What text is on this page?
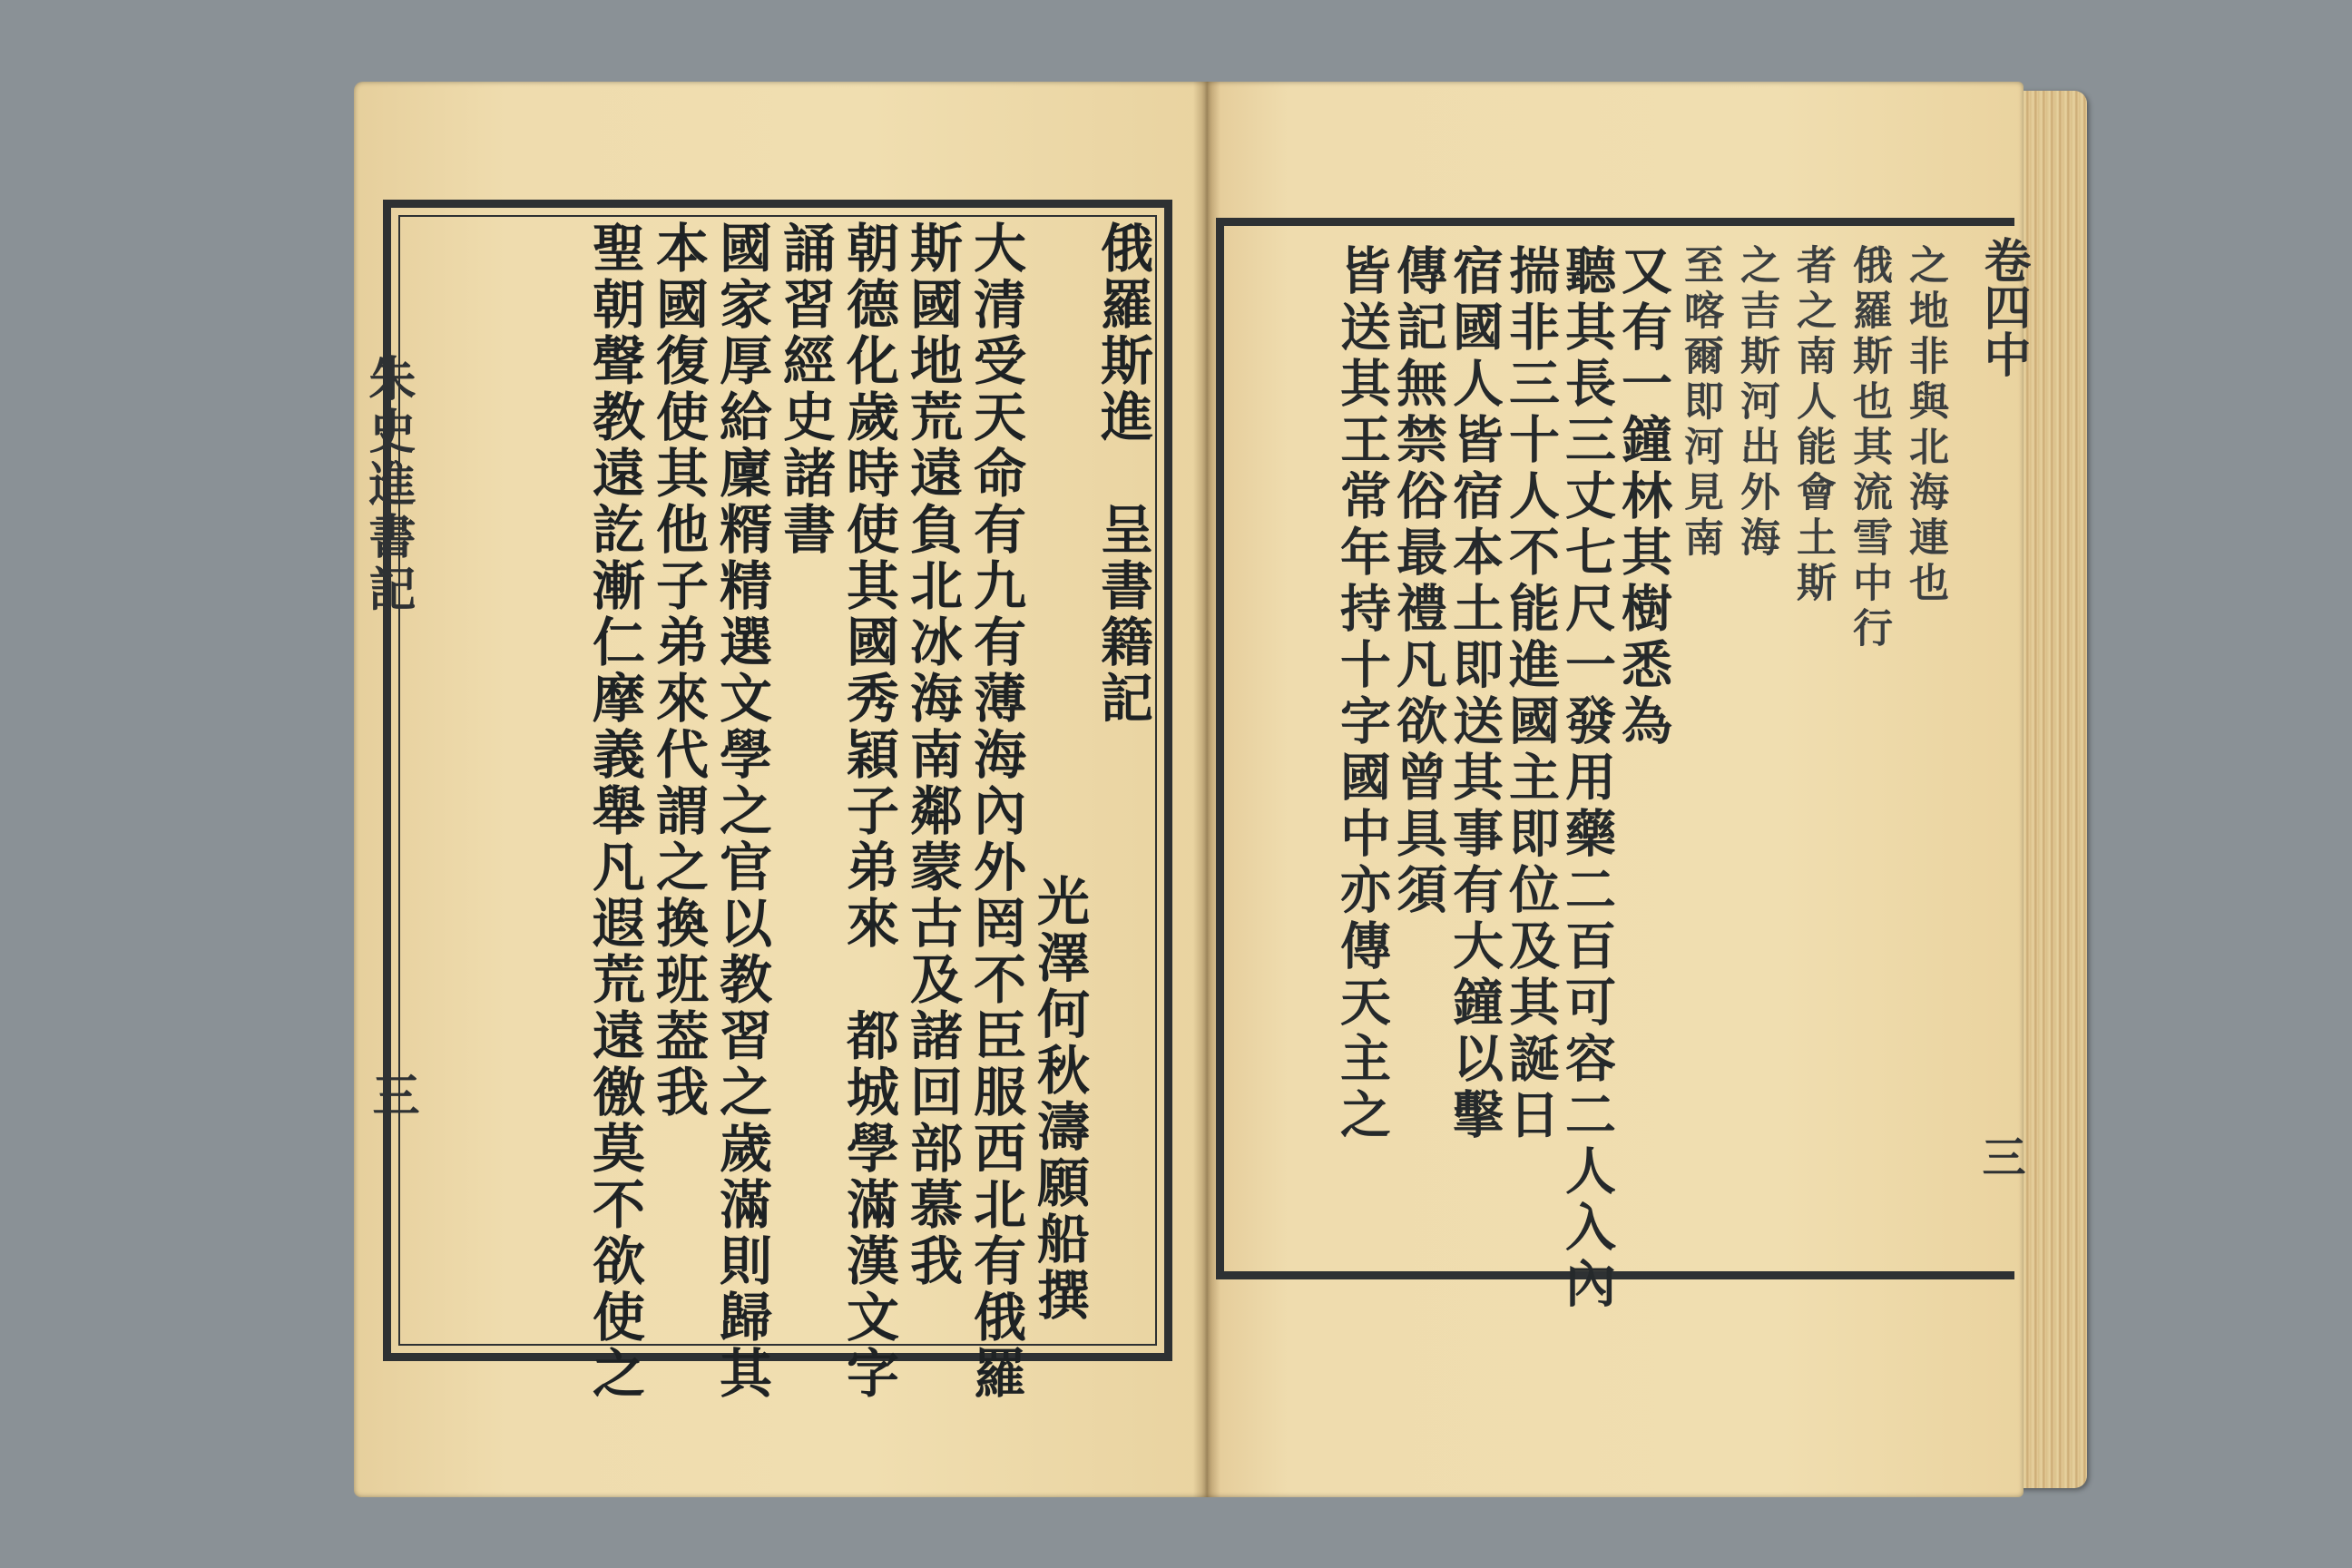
朱史進書記
三
俄羅斯進　呈書籍記
光澤何秋濤願船撰
大清受天命有九有薄海內外罔不臣服西北有俄羅
斯國地荒遠負北冰海南鄰蒙古及諸回部慕我
朝德化歲時使其國秀穎子弟來　都城學滿漢文字
誦習經史諸書
國家厚給廩糈精選文學之官以教習之歲滿則歸其
本國復使其他子弟來代謂之換班葢我
聖朝聲教遠訖漸仁摩義舉凡遐荒遠徼莫不欲使之	之地非與北海連也
俄羅斯也其流雪中行
者之南人能會土斯
之吉斯河出外海
至喀爾即河見南
又有一鐘林其樹悉為
聽其長三丈七尺一發用藥二百可容二人入內
揣非三十人不能進國主即位及其誕日
宿國人皆宿本土即送其事有大鐘以擊
傳記無禁俗最禮凡欲曾具須
皆送其王常年持十字國中亦傳天主之	卷四中
三
